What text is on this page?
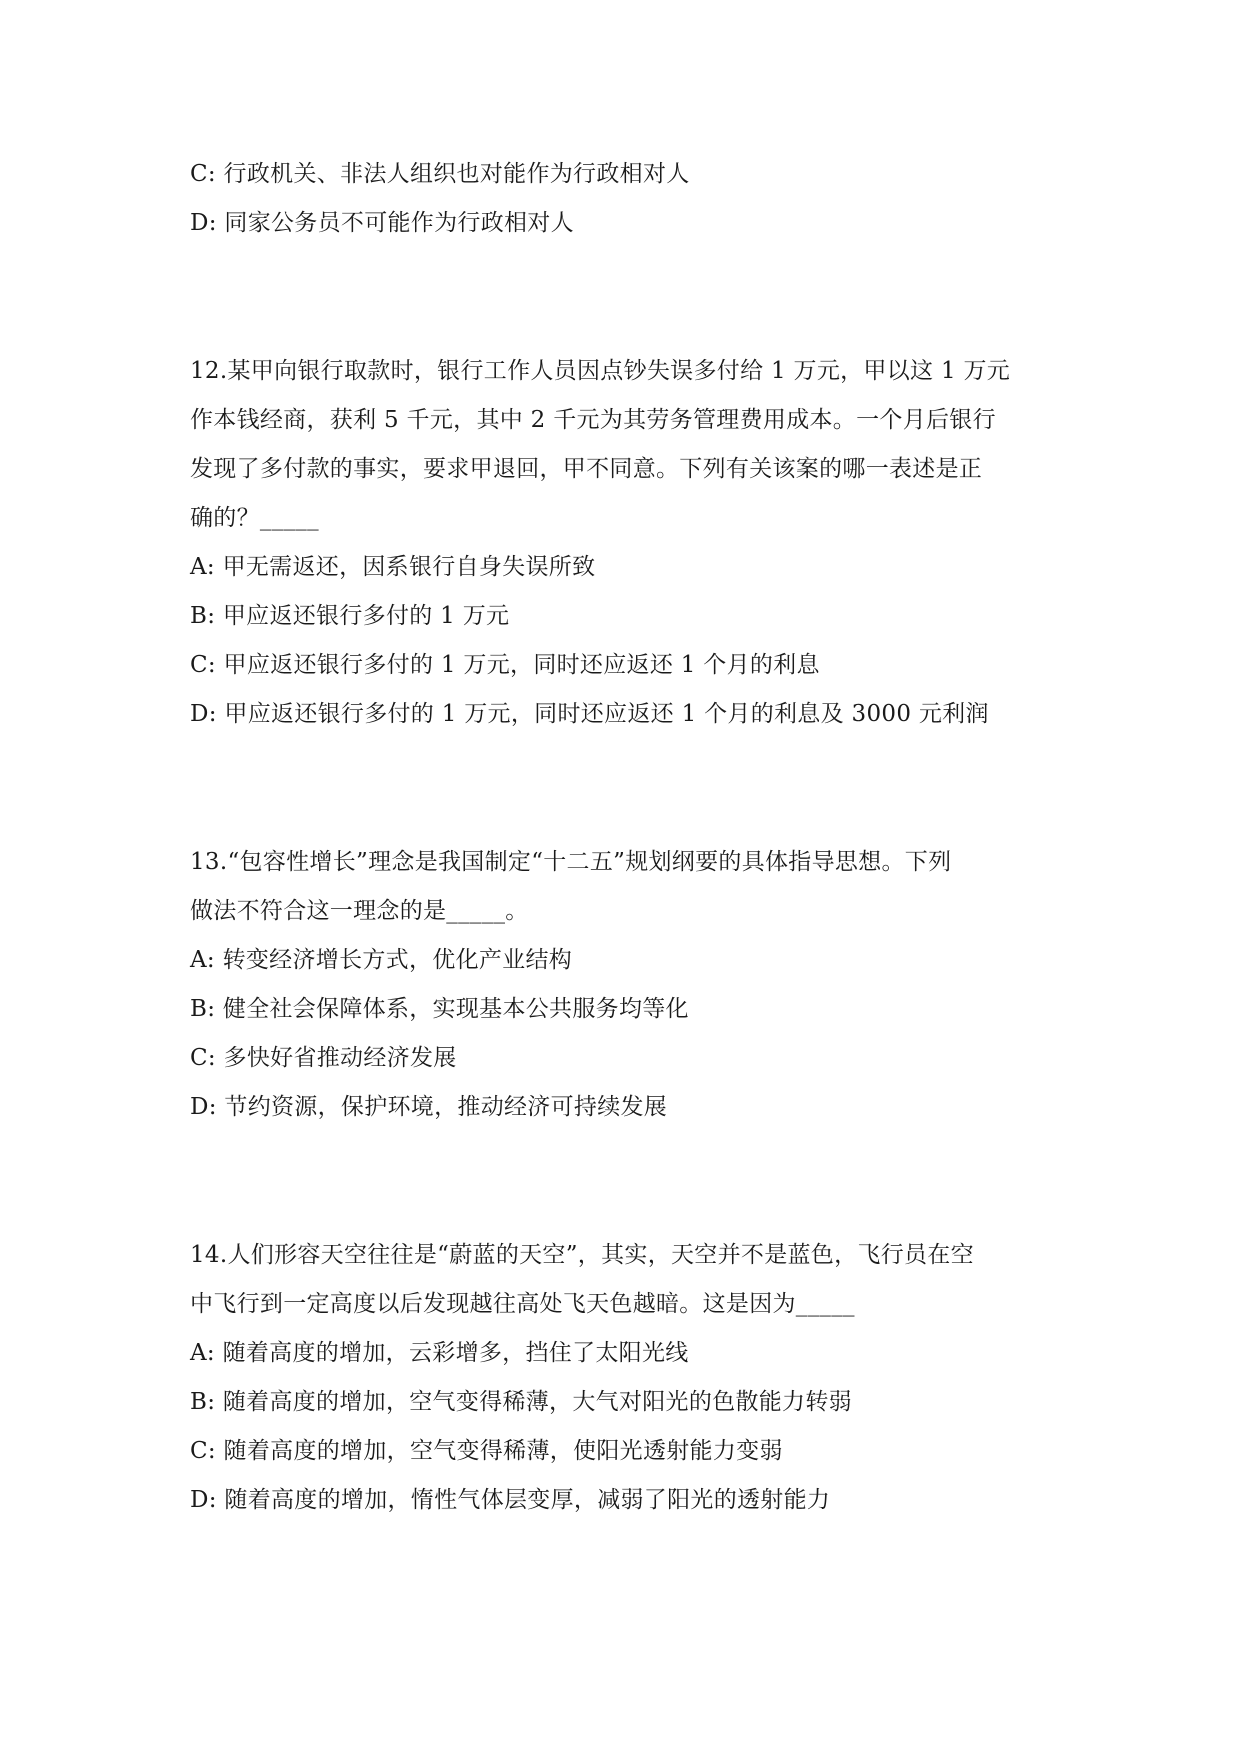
C: 行政机关、非法人组织也对能作为行政相对人
D: 同家公务员不可能作为行政相对人
12.某甲向银行取款时，银行工作人员因点钞失误多付给 1 万元，甲以这 1 万元
作本钱经商，获利 5 千元，其中 2 千元为其劳务管理费用成本。一个月后银行
发现了多付款的事实，要求甲退回，甲不同意。下列有关该案的哪一表述是正
确的？_____
A: 甲无需返还，因系银行自身失误所致
B: 甲应返还银行多付的 1 万元
C: 甲应返还银行多付的 1 万元，同时还应返还 1 个月的利息
D: 甲应返还银行多付的 1 万元，同时还应返还 1 个月的利息及 3000 元利润
13.“包容性增长”理念是我国制定“十二五”规划纲要的具体指导思想。下列
做法不符合这一理念的是_____。
A: 转变经济增长方式，优化产业结构
B: 健全社会保障体系，实现基本公共服务均等化
C: 多快好省推动经济发展
D: 节约资源，保护环境，推动经济可持续发展
14.人们形容天空往往是“蔚蓝的天空”，其实，天空并不是蓝色，飞行员在空
中飞行到一定高度以后发现越往高处飞天色越暗。这是因为_____
A: 随着高度的增加，云彩增多，挡住了太阳光线
B: 随着高度的增加，空气变得稀薄，大气对阳光的色散能力转弱
C: 随着高度的增加，空气变得稀薄，使阳光透射能力变弱
D: 随着高度的增加，惰性气体层变厚，减弱了阳光的透射能力
